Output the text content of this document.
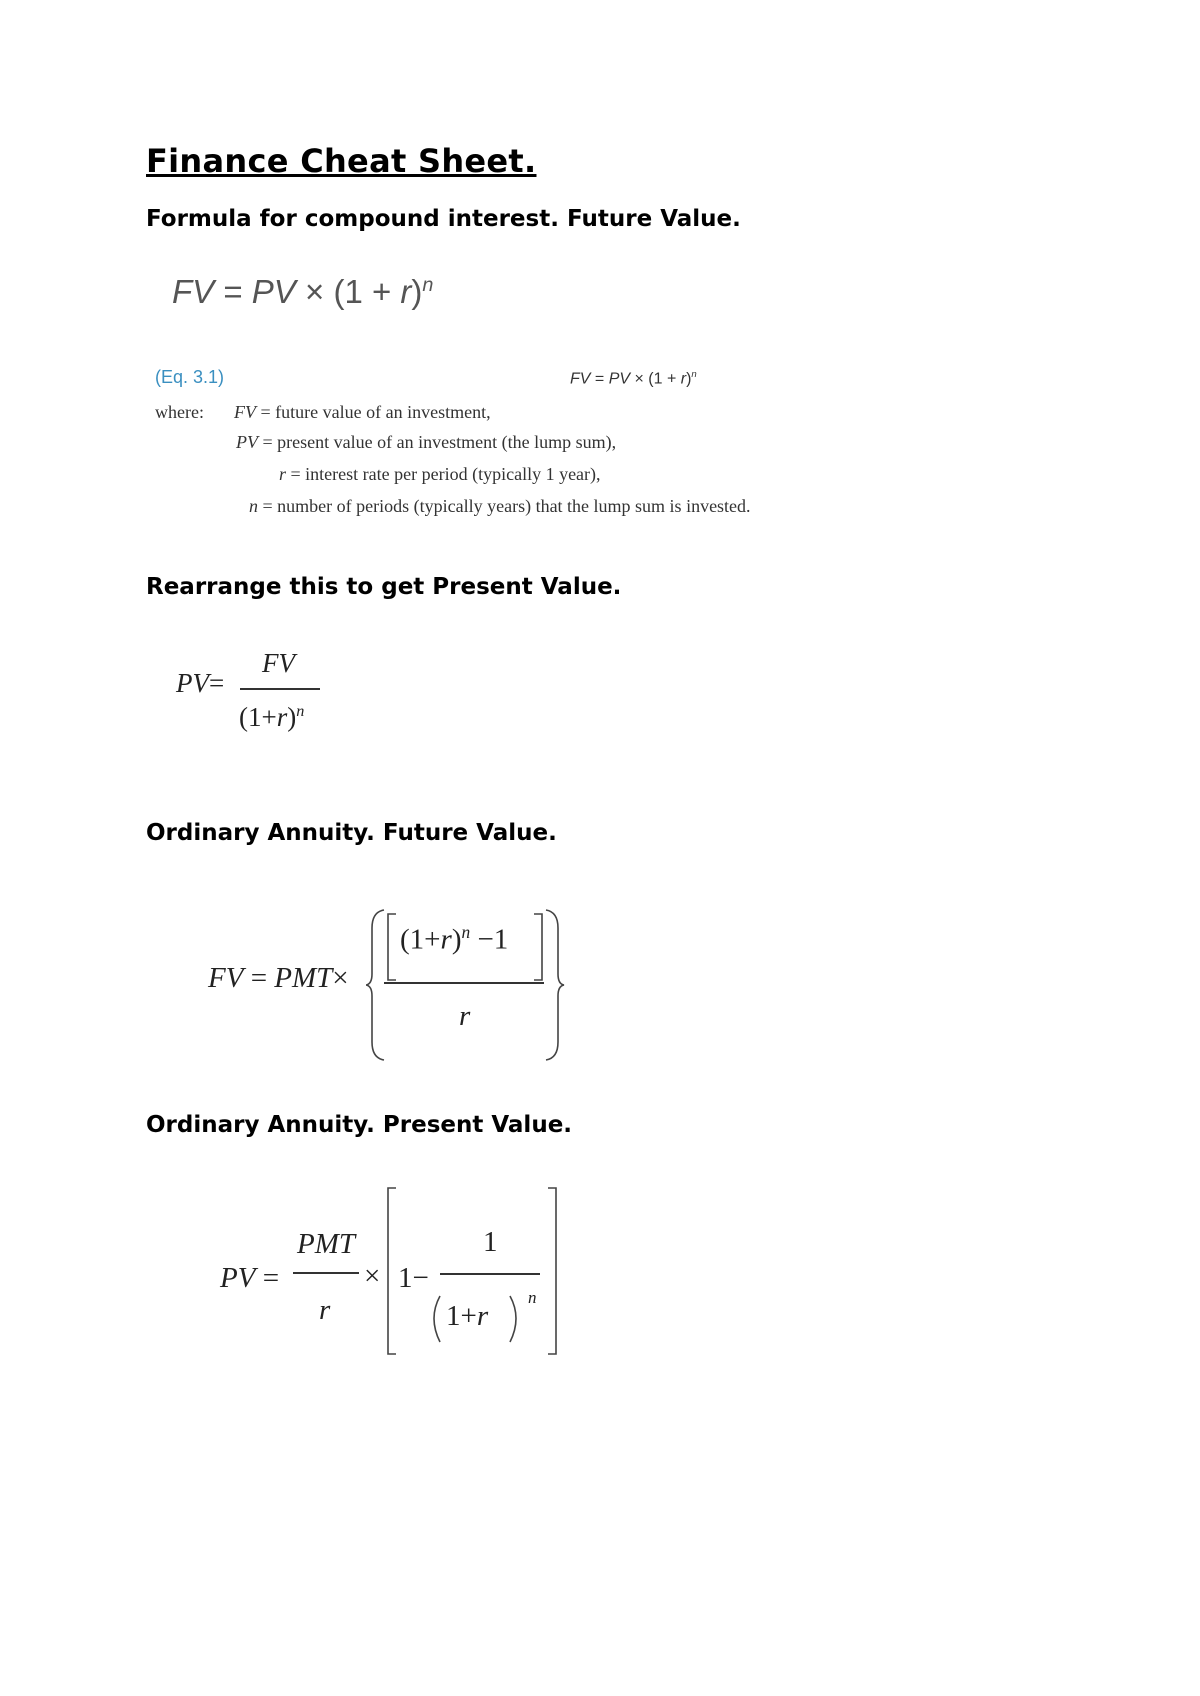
Finance Cheat Sheet.
Formula for compound interest. Future Value.
FV = PV × $(1 + r)^n$
(Eq. 3.1)	FV = PV × $(1 + r)^n$
where: FV = future value of an investment,
PV = present value of an investment (the lump sum),
r = interest rate per period (typically 1 year),
n = number of periods (typically years) that the lump sum is invested.
Rearrange this to get Present Value.
PV=
FV
$(1+r)^n$
Ordinary Annuity. Future Value.
FV = PMT×
$(1+r)^n -1$
r
Ordinary Annuity. Present Value.
PV =
PMT
r
× 1−
1
1+r
n
